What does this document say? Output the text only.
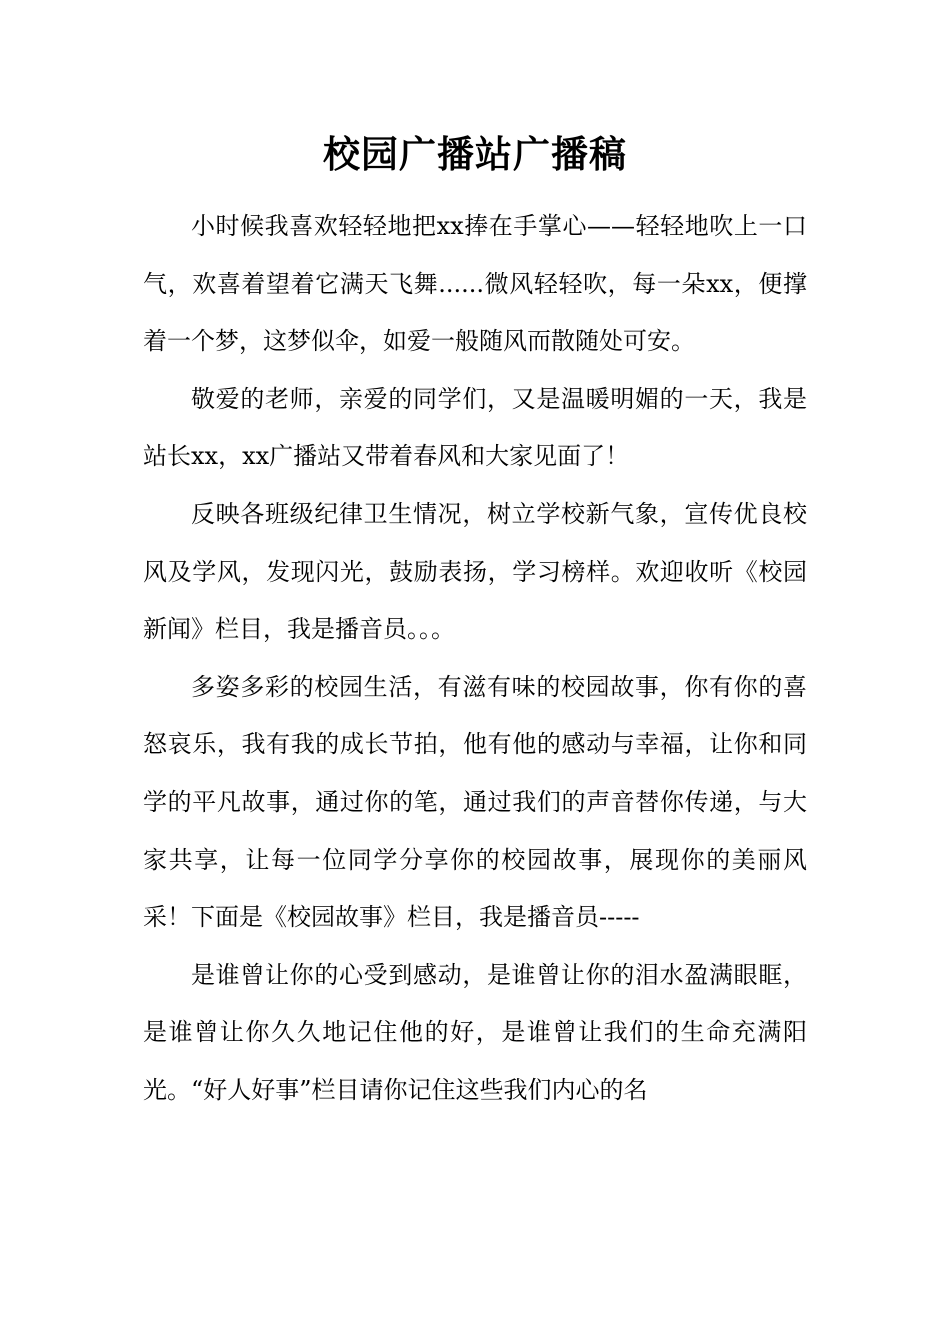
校园广播站广播稿

小时候我喜欢轻轻地把xx捧在手掌心——轻轻地吹上一口气，欢喜着望着它满天飞舞......微风轻轻吹，每一朵xx，便撑着一个梦，这梦似伞，如爱一般随风而散随处可安。

敬爱的老师，亲爱的同学们，又是温暖明媚的一天，我是站长xx，xx广播站又带着春风和大家见面了！

反映各班级纪律卫生情况，树立学校新气象，宣传优良校风及学风，发现闪光，鼓励表扬，学习榜样。欢迎收听《校园新闻》栏目，我是播音员。。。

多姿多彩的校园生活，有滋有味的校园故事，你有你的喜怒哀乐，我有我的成长节拍，他有他的感动与幸福，让你和同学的平凡故事，通过你的笔，通过我们的声音替你传递，与大家共享，让每一位同学分享你的校园故事，展现你的美丽风采！下面是《校园故事》栏目，我是播音员-----

是谁曾让你的心受到感动，是谁曾让你的泪水盈满眼眶，是谁曾让你久久地记住他的好，是谁曾让我们的生命充满阳光。“好人好事”栏目请你记住这些我们内心的名
